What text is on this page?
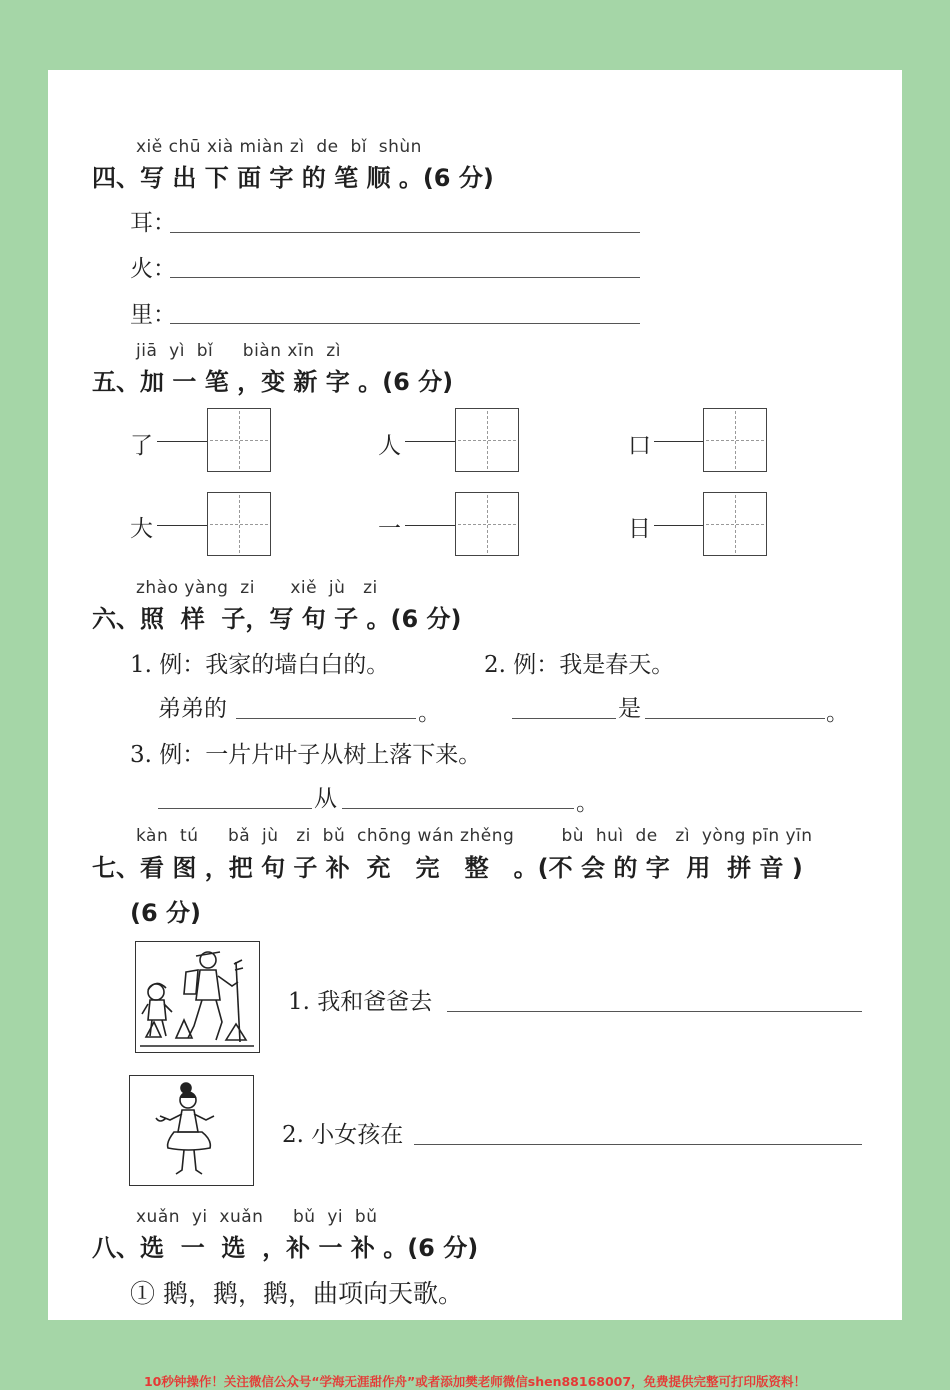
xiě chū xià miàn zì  de  bǐ  shùn
四、写 出 下 面 字 的 笔 顺 。(6 分)
耳：
火：
里：
jiā  yì  bǐ     biàn xīn  zì
五、加 一 笔 ，变 新 字 。(6 分)
了	人	口
大	一	日
zhào yàng  zi      xiě  jù   zi
六、照  样  子，写 句 子 。(6 分)
1. 例：我家的墙白白的。	2. 例：我是春天。
弟弟的	。	是	。
3. 例：一片片叶子从树上落下来。
从	。
kàn  tú     bǎ  jù   zi  bǔ  chōng wán zhěng        bù  huì  de   zì  yòng pīn yīn
七、看 图 ，把 句 子 补  充   完   整   。(不 会 的 字  用  拼 音 )
(6 分)
1. 我和爸爸去
2. 小女孩在
xuǎn  yi  xuǎn     bǔ  yi  bǔ
八、选  一  选  ，补 一 补 。(6 分)
① 鹅，鹅，鹅，曲项向天歌。
10秒钟操作！关注微信公众号“学海无涯甜作舟”或者添加樊老师微信shen88168007，免费提供完整可打印版资料！
